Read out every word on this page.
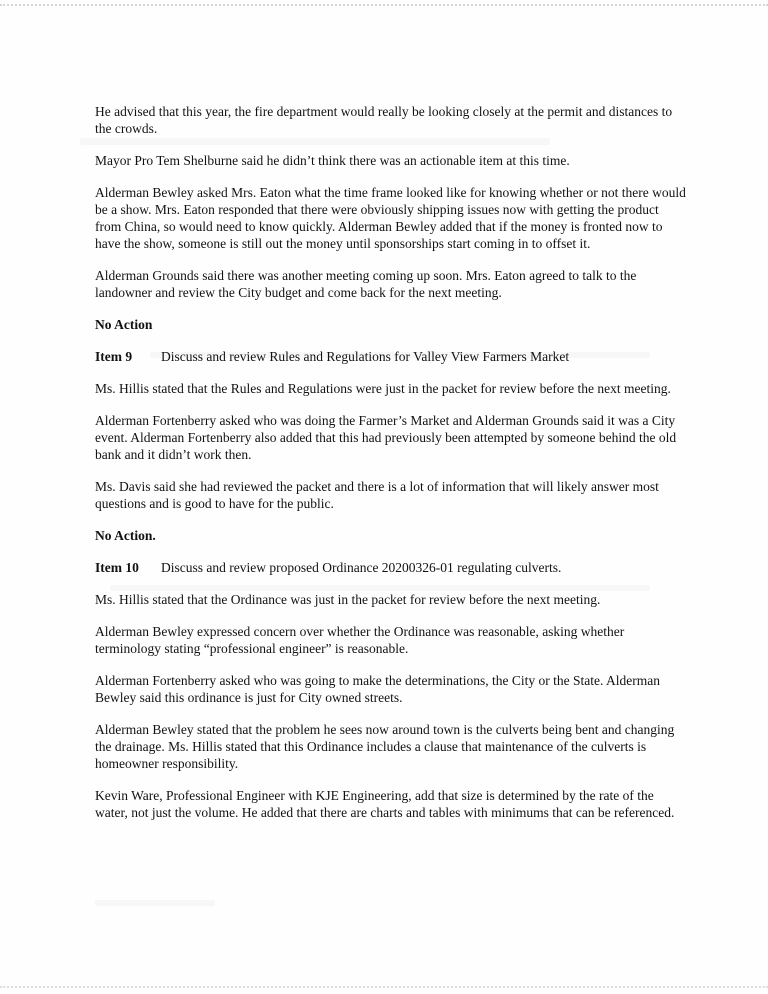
He advised that this year, the fire department would really be looking closely at the permit and distances to the crowds.

Mayor Pro Tem Shelburne said he didn’t think there was an actionable item at this time.

Alderman Bewley asked Mrs. Eaton what the time frame looked like for knowing whether or not there would be a show. Mrs. Eaton responded that there were obviously shipping issues now with getting the product from China, so would need to know quickly. Alderman Bewley added that if the money is fronted now to have the show, someone is still out the money until sponsorships start coming in to offset it.

Alderman Grounds said there was another meeting coming up soon. Mrs. Eaton agreed to talk to the landowner and review the City budget and come back for the next meeting.

No Action

Item 9 Discuss and review Rules and Regulations for Valley View Farmers Market

Ms. Hillis stated that the Rules and Regulations were just in the packet for review before the next meeting.

Alderman Fortenberry asked who was doing the Farmer’s Market and Alderman Grounds said it was a City event. Alderman Fortenberry also added that this had previously been attempted by someone behind the old bank and it didn’t work then.

Ms. Davis said she had reviewed the packet and there is a lot of information that will likely answer most questions and is good to have for the public.

No Action.

Item 10 Discuss and review proposed Ordinance 20200326-01 regulating culverts.

Ms. Hillis stated that the Ordinance was just in the packet for review before the next meeting.

Alderman Bewley expressed concern over whether the Ordinance was reasonable, asking whether terminology stating “professional engineer” is reasonable.

Alderman Fortenberry asked who was going to make the determinations, the City or the State. Alderman Bewley said this ordinance is just for City owned streets.

Alderman Bewley stated that the problem he sees now around town is the culverts being bent and changing the drainage. Ms. Hillis stated that this Ordinance includes a clause that maintenance of the culverts is homeowner responsibility.

Kevin Ware, Professional Engineer with KJE Engineering, add that size is determined by the rate of the water, not just the volume. He added that there are charts and tables with minimums that can be referenced.
